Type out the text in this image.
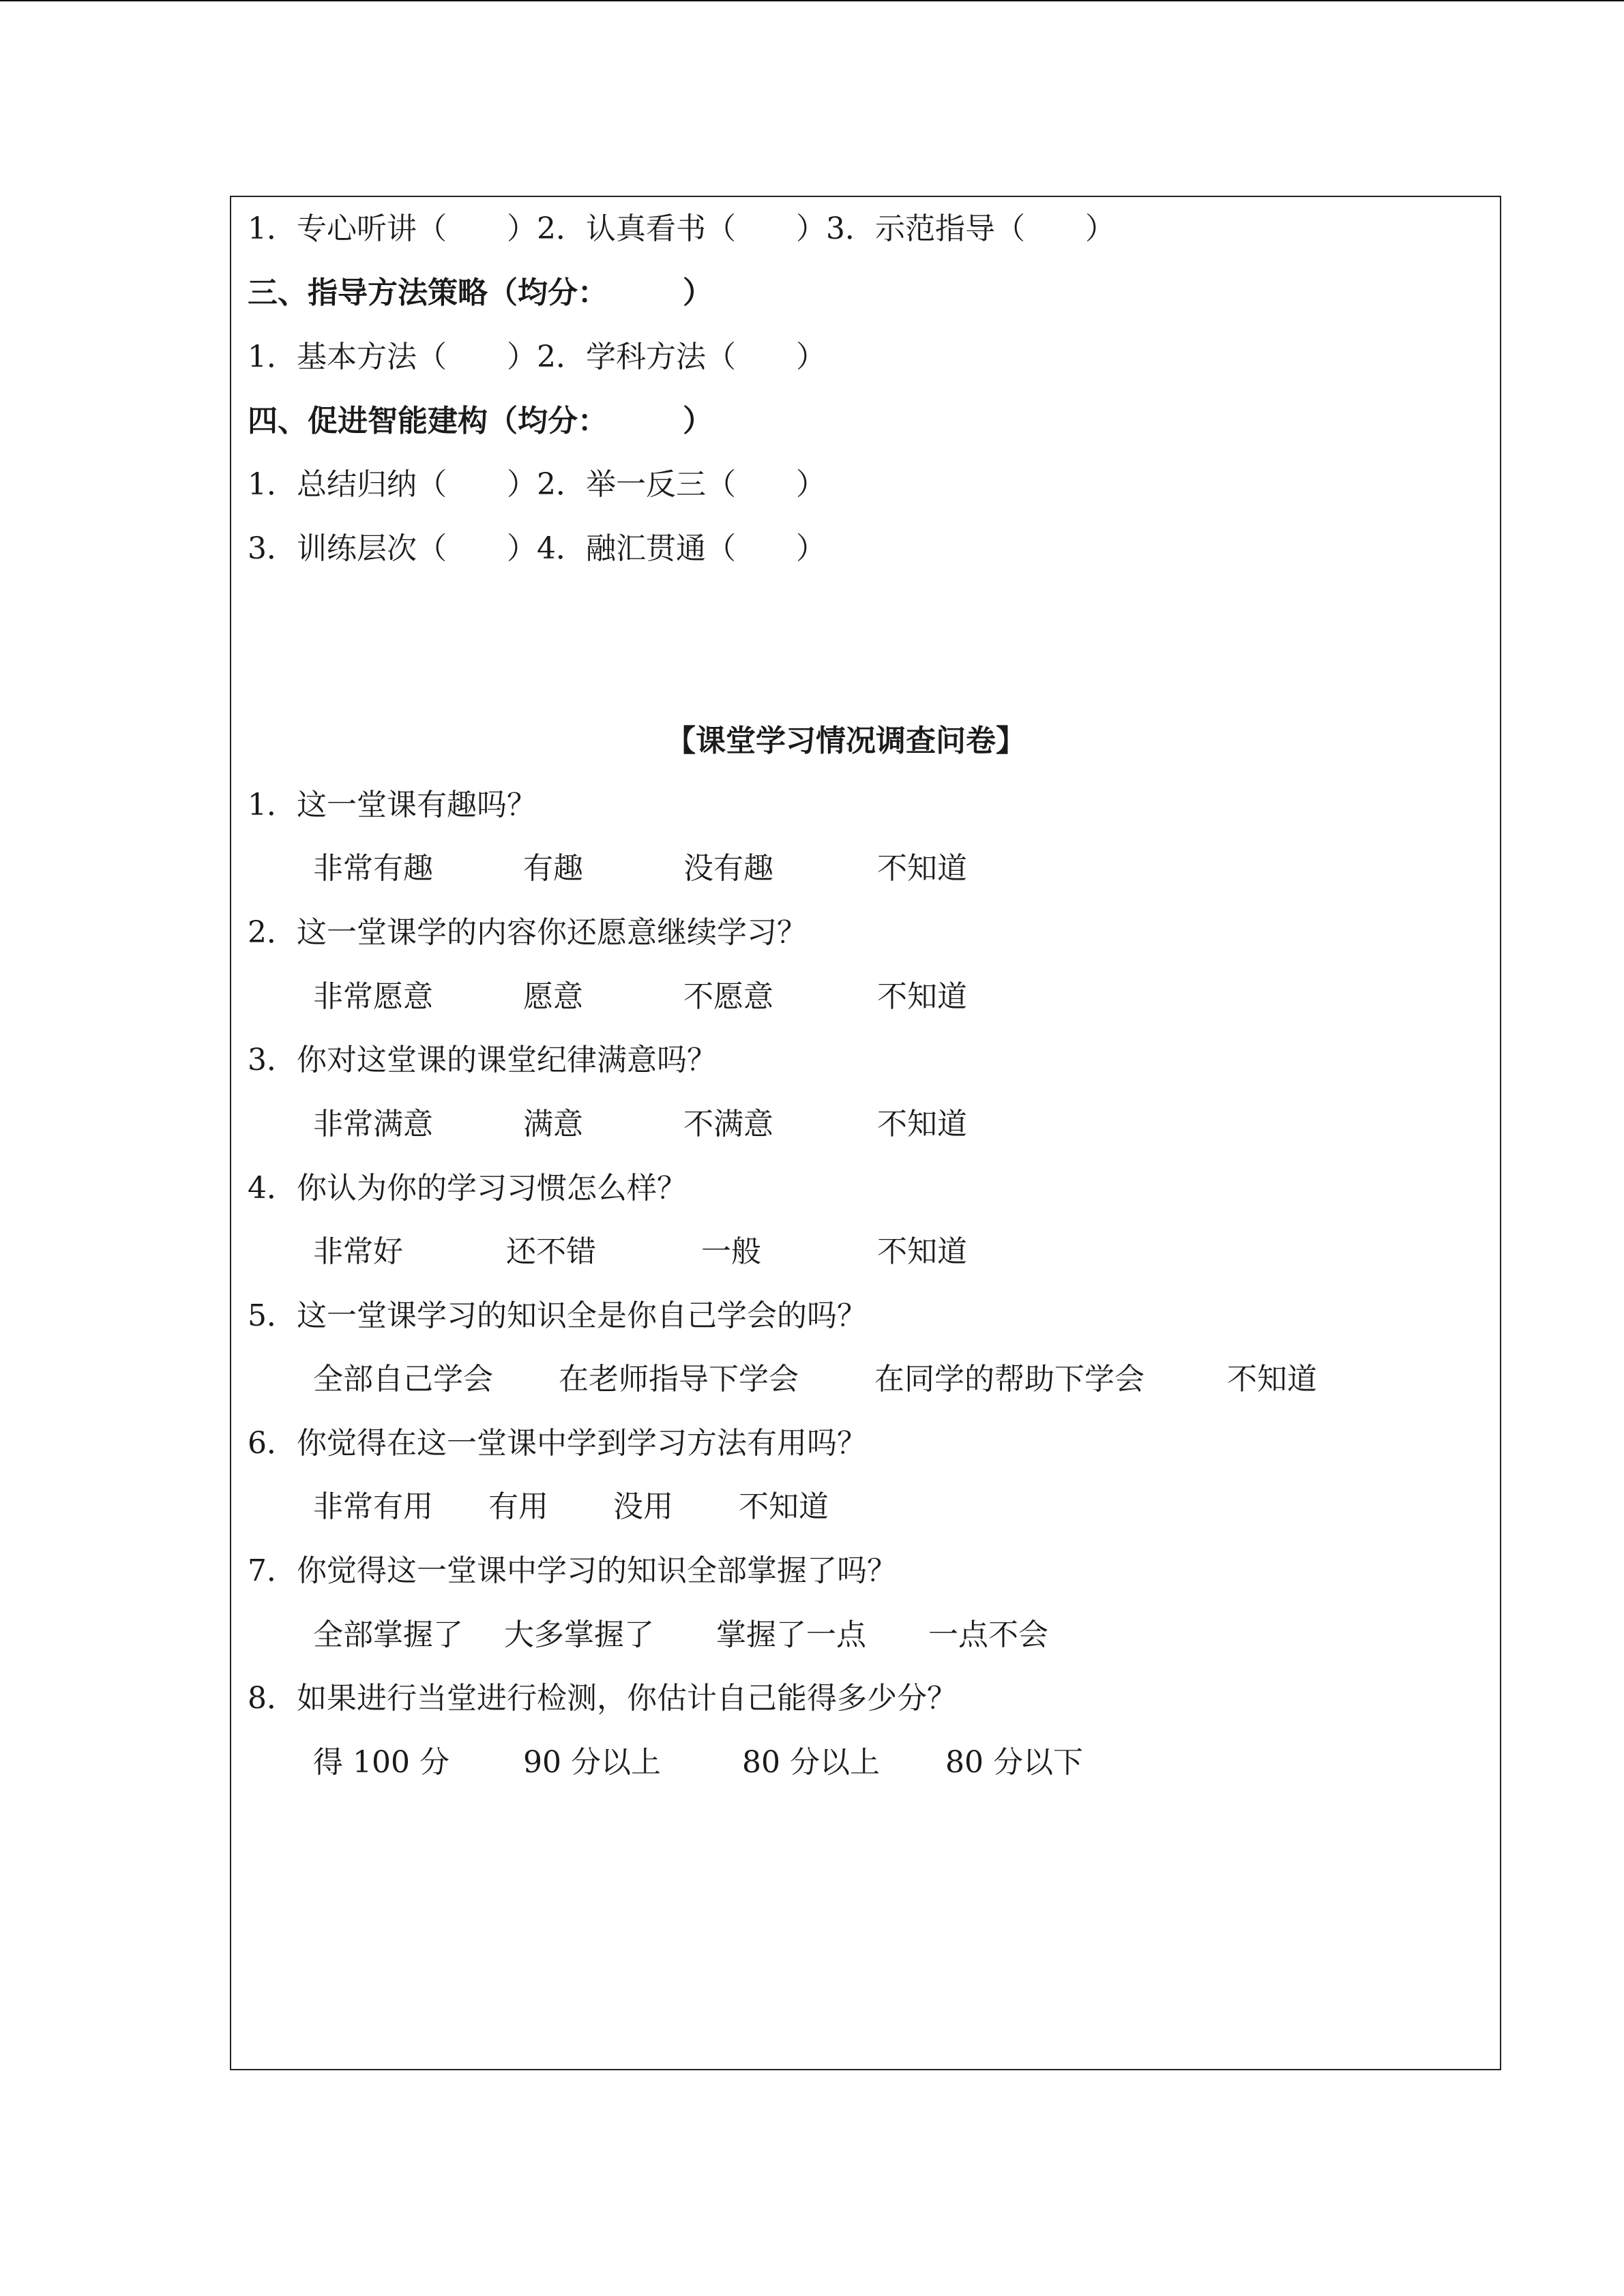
1．专心听讲（　　）2．认真看书（　　）3．示范指导（　　）
三、指导方法策略（均分：　　　）
1．基本方法（　　）2．学科方法（　　）
四、促进智能建构（均分：　　　）
1．总结归纳（　　）2．举一反三（　　）
3．训练层次（　　）4．融汇贯通（　　）
【课堂学习情况调查问卷】
1．这一堂课有趣吗？
非常有趣	有趣	没有趣	不知道
2．这一堂课学的内容你还愿意继续学习？
非常愿意	愿意	不愿意	不知道
3．你对这堂课的课堂纪律满意吗？
非常满意	满意	不满意	不知道
4．你认为你的学习习惯怎么样？
非常好	还不错	一般	不知道
5．这一堂课学习的知识全是你自己学会的吗？
全部自己学会 在老师指导下学会	在同学的帮助下学会	不知道
6．你觉得在这一堂课中学到学习方法有用吗？
非常有用 有用 没用 不知道
7．你觉得这一堂课中学习的知识全部掌握了吗？
全部掌握了 大多掌握了 掌握了一点 一点不会
8．如果进行当堂进行检测，你估计自己能得多少分？
得 100 分 90 分以上	80 分以上 80 分以下
